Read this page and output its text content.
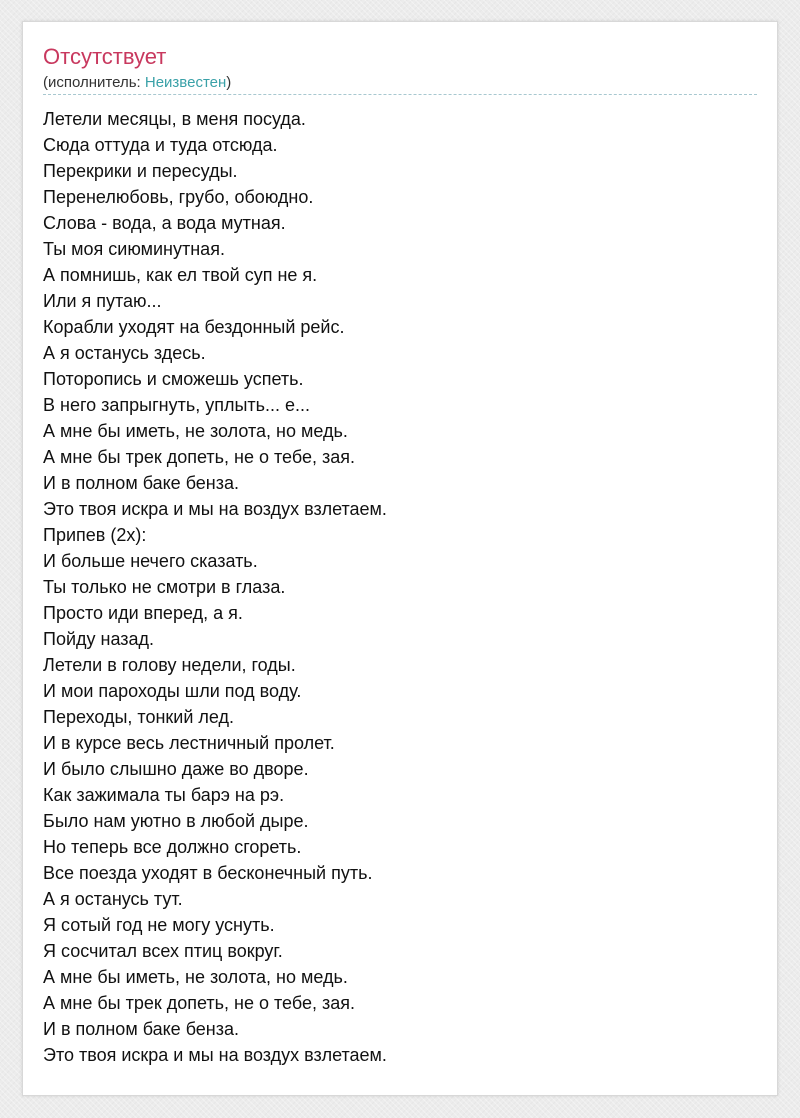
Отсутствует
(исполнитель: Неизвестен)
Летели месяцы, в меня посуда.
Сюда оттуда и туда отсюда.
Перекрики и пересуды.
Перенелюбовь, грубо, обоюдно.
Слова - вода, а вода мутная.
Ты моя сиюминутная.
А помнишь, как ел твой суп не я.
Или я путаю...
Корабли уходят на бездонный рейс.
А я останусь здесь.
Поторопись и сможешь успеть.
В него запрыгнуть, уплыть... е...
А мне бы иметь, не золота, но медь.
А мне бы трек допеть, не о тебе, зая.
И в полном баке бенза.
Это твоя искра и мы на воздух взлетаем.
Припев (2x):
И больше нечего сказать.
Ты только не смотри в глаза.
Просто иди вперед, а я.
Пойду назад.
Летели в голову недели, годы.
И мои пароходы шли под воду.
Переходы, тонкий лед.
И в курсе весь лестничный пролет.
И было слышно даже во дворе.
Как зажимала ты барэ на рэ.
Было нам уютно в любой дыре.
Но теперь все должно сгореть.
Все поезда уходят в бесконечный путь.
А я останусь тут.
Я сотый год не могу уснуть.
Я сосчитал всех птиц вокруг.
А мне бы иметь, не золота, но медь.
А мне бы трек допеть, не о тебе, зая.
И в полном баке бенза.
Это твоя искра и мы на воздух взлетаем.
